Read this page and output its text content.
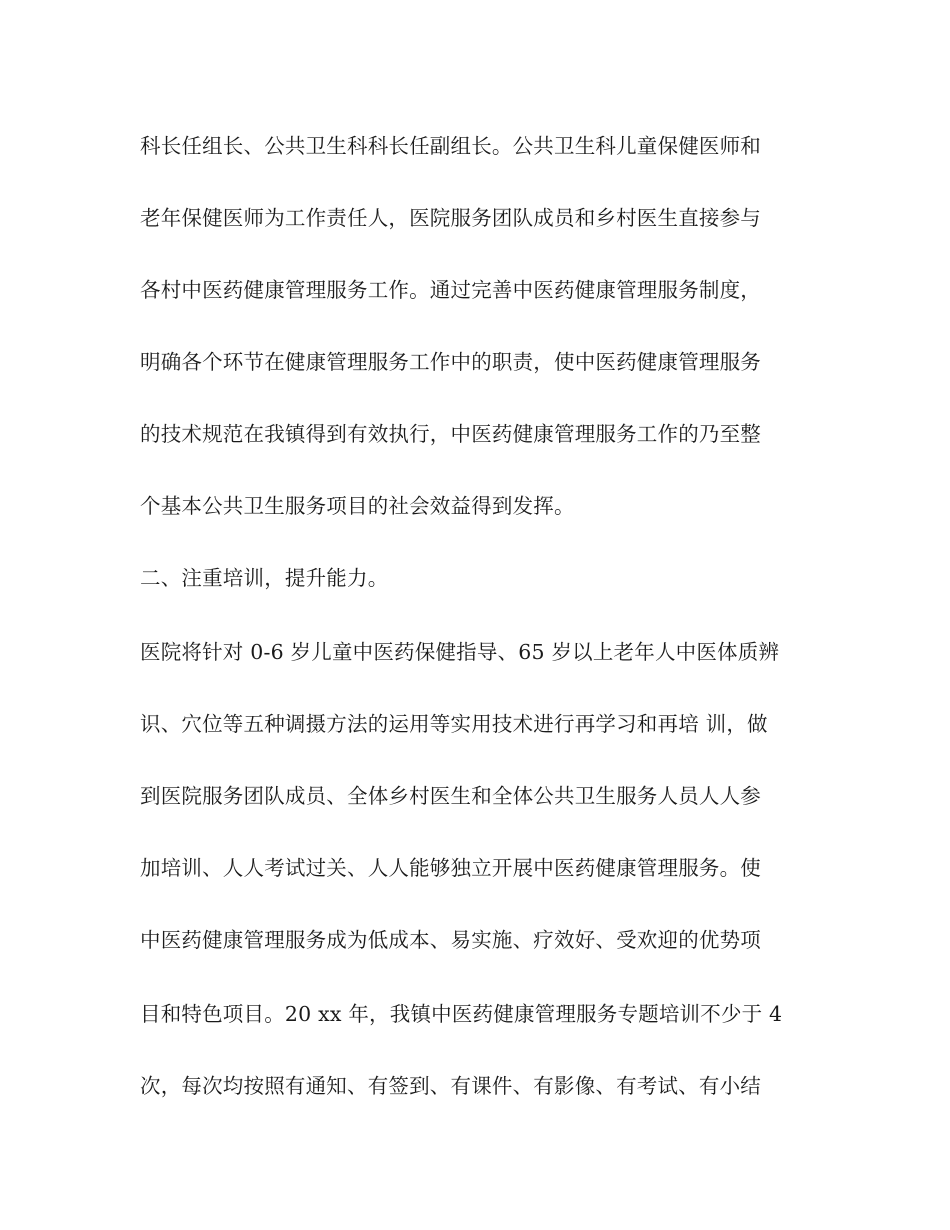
科长任组长、公共卫生科科长任副组长。公共卫生科儿童保健医师和
老年保健医师为工作责任人，医院服务团队成员和乡村医生直接参与
各村中医药健康管理服务工作。通过完善中医药健康管理服务制度，
明确各个环节在健康管理服务工作中的职责，使中医药健康管理服务
的技术规范在我镇得到有效执行，中医药健康管理服务工作的乃至整
个基本公共卫生服务项目的社会效益得到发挥。
二、注重培训，提升能力。
医院将针对 0-6 岁儿童中医药保健指导、65 岁以上老年人中医体质辨
识、穴位等五种调摄方法的运用等实用技术进行再学习和再培 训，做
到医院服务团队成员、全体乡村医生和全体公共卫生服务人员人人参
加培训、人人考试过关、人人能够独立开展中医药健康管理服务。使
中医药健康管理服务成为低成本、易实施、疗效好、受欢迎的优势项
目和特色项目。20 xx 年，我镇中医药健康管理服务专题培训不少于 4
次，每次均按照有通知、有签到、有课件、有影像、有考试、有小结
